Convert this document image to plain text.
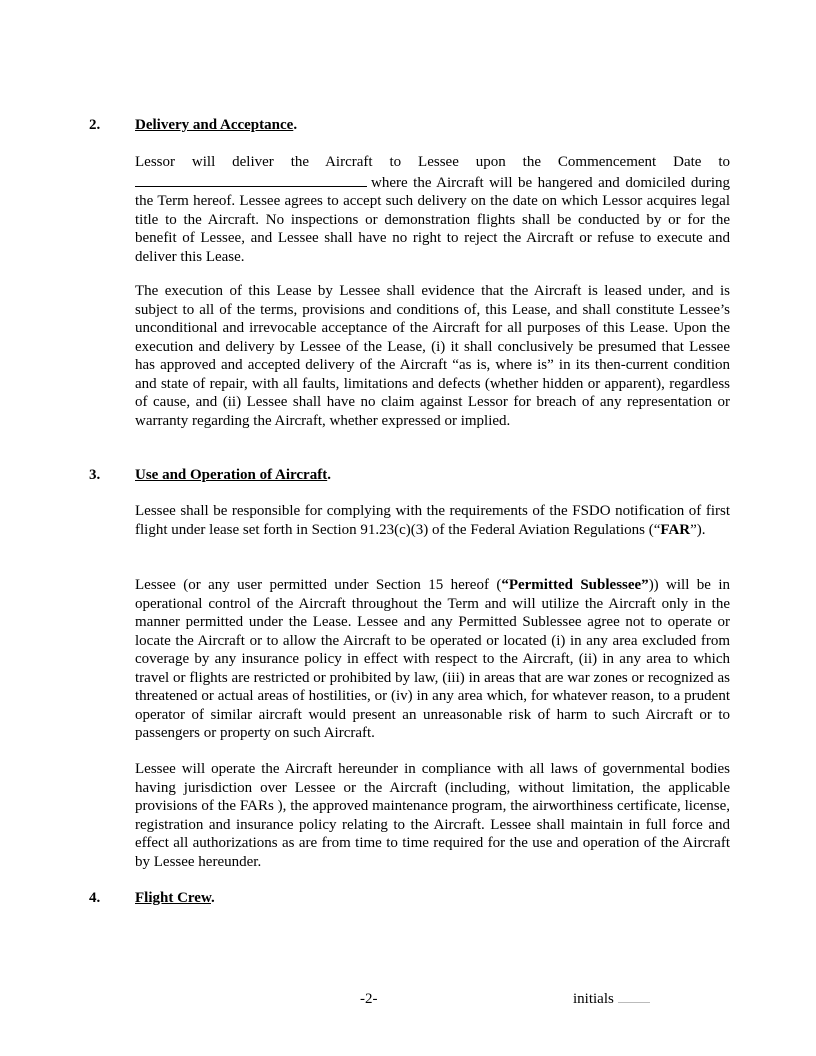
2. Delivery and Acceptance.

Lessor will deliver the Aircraft to Lessee upon the Commencement Date to where the Aircraft will be hangered and domiciled during the Term hereof. Lessee agrees to accept such delivery on the date on which Lessor acquires legal title to the Aircraft. No inspections or demonstration flights shall be conducted by or for the benefit of Lessee, and Lessee shall have no right to reject the Aircraft or refuse to execute and deliver this Lease.

The execution of this Lease by Lessee shall evidence that the Aircraft is leased under, and is subject to all of the terms, provisions and conditions of, this Lease, and shall constitute Lessee’s unconditional and irrevocable acceptance of the Aircraft for all purposes of this Lease. Upon the execution and delivery by Lessee of the Lease, (i) it shall conclusively be presumed that Lessee has approved and accepted delivery of the Aircraft “as is, where is” in its then-current condition and state of repair, with all faults, limitations and defects (whether hidden or apparent), regardless of cause, and (ii) Lessee shall have no claim against Lessor for breach of any representation or warranty regarding the Aircraft, whether expressed or implied.

3. Use and Operation of Aircraft.

Lessee shall be responsible for complying with the requirements of the FSDO notification of first flight under lease set forth in Section 91.23(c)(3) of the Federal Aviation Regulations (“FAR”).

Lessee (or any user permitted under Section 15 hereof (“Permitted Sublessee”)) will be in operational control of the Aircraft throughout the Term and will utilize the Aircraft only in the manner permitted under the Lease. Lessee and any Permitted Sublessee agree not to operate or locate the Aircraft or to allow the Aircraft to be operated or located (i) in any area excluded from coverage by any insurance policy in effect with respect to the Aircraft, (ii) in any area to which travel or flights are restricted or prohibited by law, (iii) in areas that are war zones or recognized as threatened or actual areas of hostilities, or (iv) in any area which, for whatever reason, to a prudent operator of similar aircraft would present an unreasonable risk of harm to such Aircraft or to passengers or property on such Aircraft.

Lessee will operate the Aircraft hereunder in compliance with all laws of governmental bodies having jurisdiction over Lessee or the Aircraft (including, without limitation, the applicable provisions of the FARs ), the approved maintenance program, the airworthiness certificate, license, registration and insurance policy relating to the Aircraft. Lessee shall maintain in full force and effect all authorizations as are from time to time required for the use and operation of the Aircraft by Lessee hereunder.

4. Flight Crew.
-2-	initials
